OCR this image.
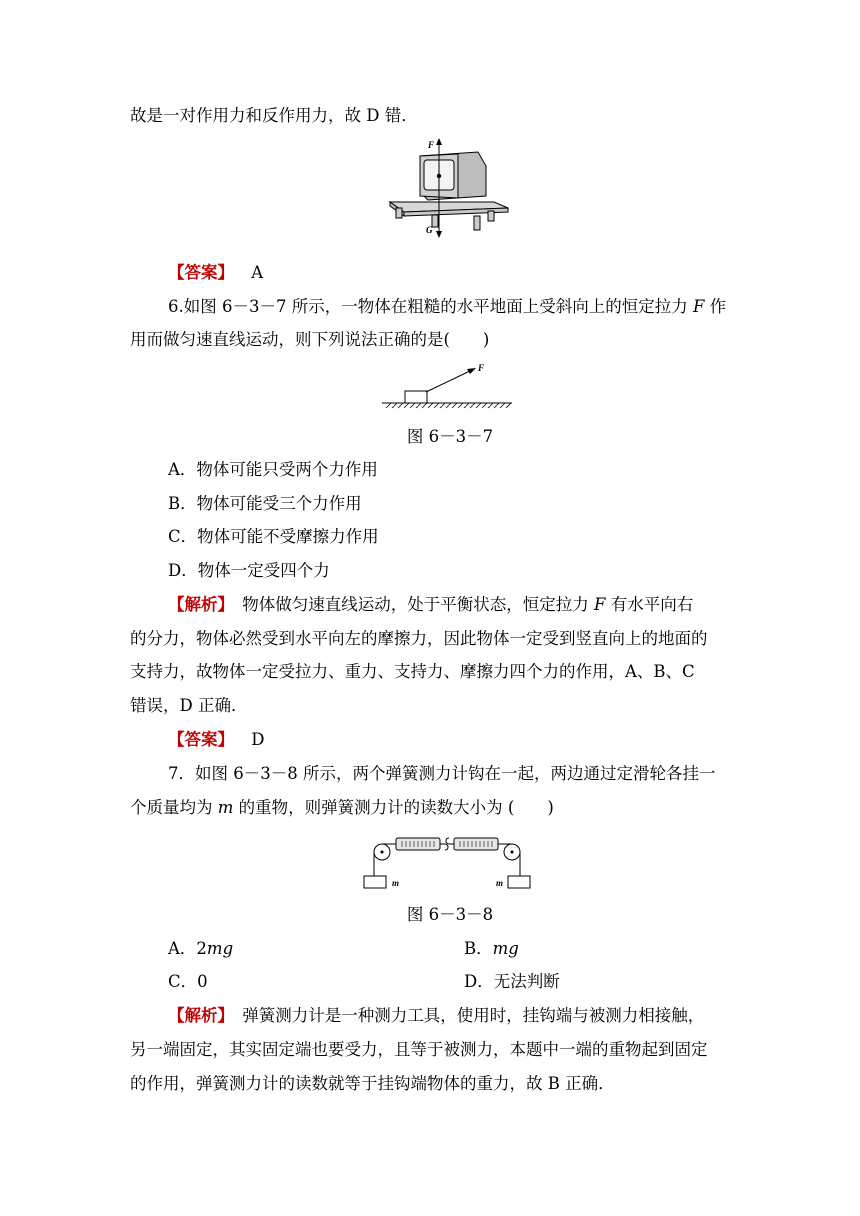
故是一对作用力和反作用力，故 D 错．
F
G
【答案】 A
6.如图 6－3－7 所示，一物体在粗糙的水平地面上受斜向上的恒定拉力 F 作
用而做匀速直线运动，则下列说法正确的是(　　)
F
图 6－3－7
A．物体可能只受两个力作用
B．物体可能受三个力作用
C．物体可能不受摩擦力作用
D．物体一定受四个力
【解析】　物体做匀速直线运动，处于平衡状态，恒定拉力 F 有水平向右
的分力，物体必然受到水平向左的摩擦力，因此物体一定受到竖直向上的地面的
支持力，故物体一定受拉力、重力、支持力、摩擦力四个力的作用，A、B、C
错误，D 正确．
【答案】 D
7．如图 6－3－8 所示，两个弹簧测力计钩在一起，两边通过定滑轮各挂一
个质量均为 m 的重物，则弹簧测力计的读数大小为 (　　)
m	m
图 6－3－8
A．2mg	B．mg
C．0	D．无法判断
【解析】　弹簧测力计是一种测力工具，使用时，挂钩端与被测力相接触，
另一端固定，其实固定端也要受力，且等于被测力，本题中一端的重物起到固定
的作用，弹簧测力计的读数就等于挂钩端物体的重力，故 B 正确．
